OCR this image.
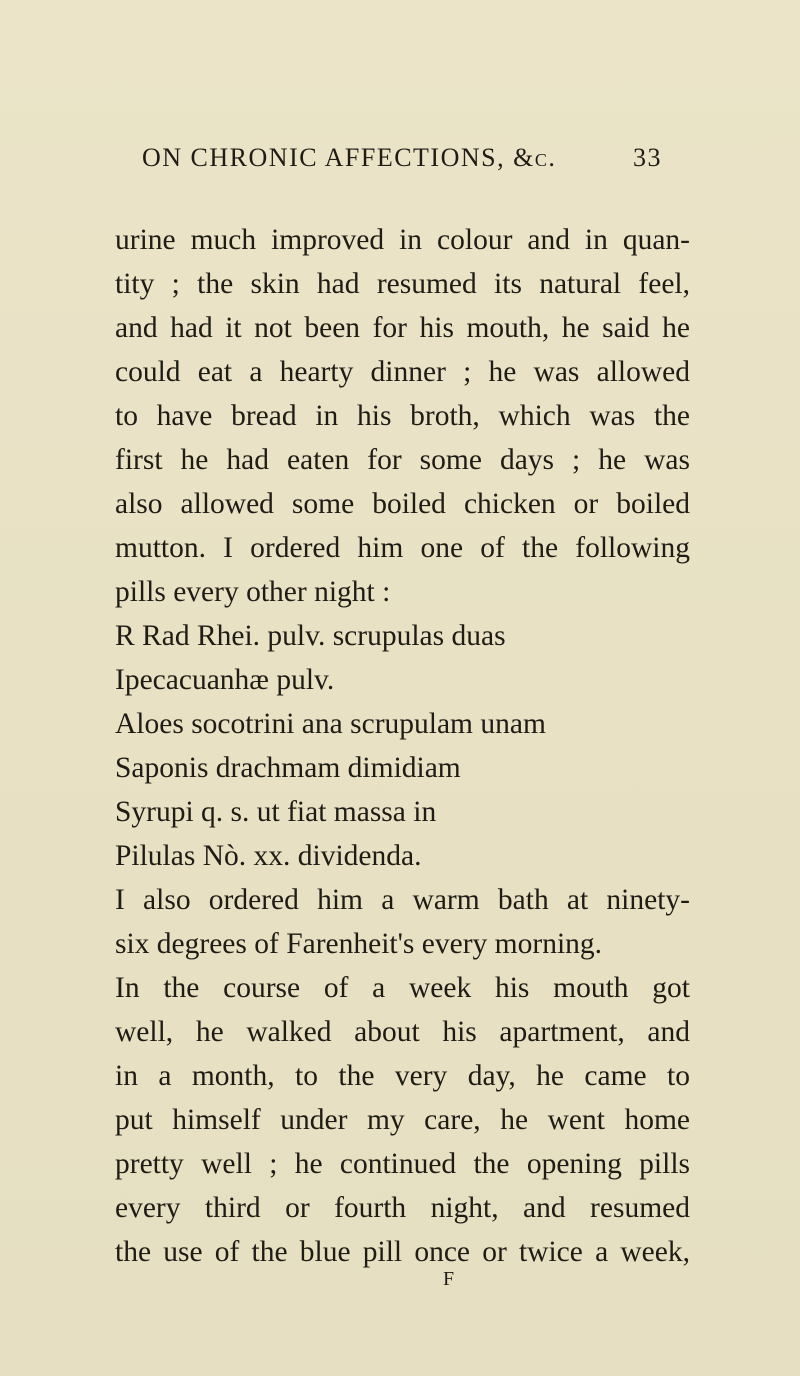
ON CHRONIC AFFECTIONS, &c.	33
urine much improved in colour and in quan-
tity ; the skin had resumed its natural feel,
and had it not been for his mouth, he said he
could eat a hearty dinner ; he was allowed
to have bread in his broth, which was the
first he had eaten for some days ; he was
also allowed some boiled chicken or boiled
mutton. I ordered him one of the following
pills every other night :
R Rad Rhei. pulv. scrupulas duas
Ipecacuanhæ pulv.
Aloes socotrini ana scrupulam unam
Saponis drachmam dimidiam
Syrupi q. s. ut fiat massa in
Pilulas Nò. xx. dividenda.
I also ordered him a warm bath at ninety-
six degrees of Farenheit's every morning.
In the course of a week his mouth got
well, he walked about his apartment, and
in a month, to the very day, he came to
put himself under my care, he went home
pretty well ; he continued the opening pills
every third or fourth night, and resumed
the use of the blue pill once or twice a week,
F
